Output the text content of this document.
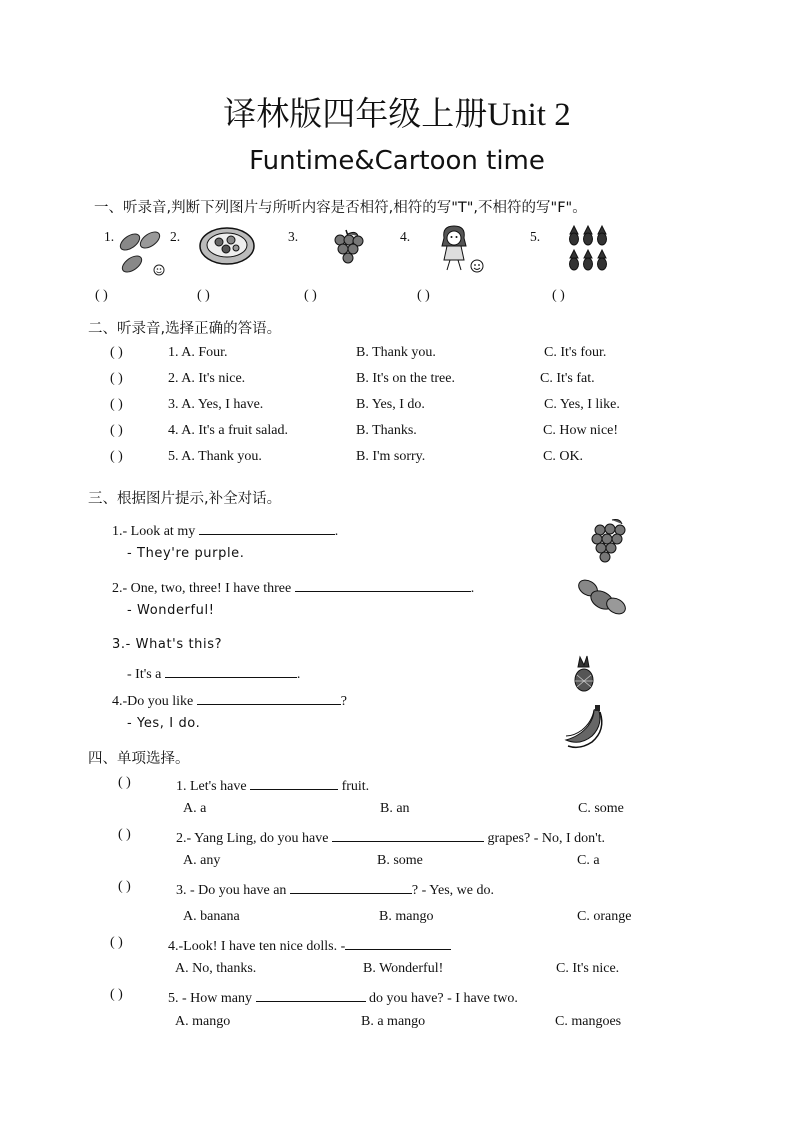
译林版四年级上册Unit 2
Funtime&Cartoon time
一、听录音,判断下列图片与所听内容是否相符,相符的写"T",不相符的写"F"。
1.	2.	3.	4.	5.
( )	( )	( )	( )	( )
二、听录音,选择正确的答语。
( )	1. A. Four.	B. Thank you.	C. It's four.
( )	2. A. It's nice.	B. It's on the tree.	C. It's fat.
( )	3. A. Yes, I have.	B. Yes, I do.	C. Yes, I like.
( )	4. A. It's a fruit salad.	B. Thanks.	C. How nice!
( )	5. A. Thank you.	B. I'm sorry.	C. OK.
三、根据图片提示,补全对话。
1.- Look at my	.
- They're purple.
2.- One, two, three! I have three	.
- Wonderful!
3.- What's this?
- It's a	.
4.-Do you like	?
- Yes, I do.
四、单项选择。
( )	1. Let's have	fruit.
A. a	B. an	C. some
( )	2.- Yang Ling, do you have	grapes? - No, I don't.
A. any	B. some	C. a
( )	3. - Do you have an	? - Yes, we do.
A. banana	B. mango	C. orange
( )	4.-Look! I have ten nice dolls. -
A. No, thanks.	B. Wonderful!	C. It's nice.
( )	5. - How many	do you have? - I have two.
A. mango	B. a mango	C. mangoes
